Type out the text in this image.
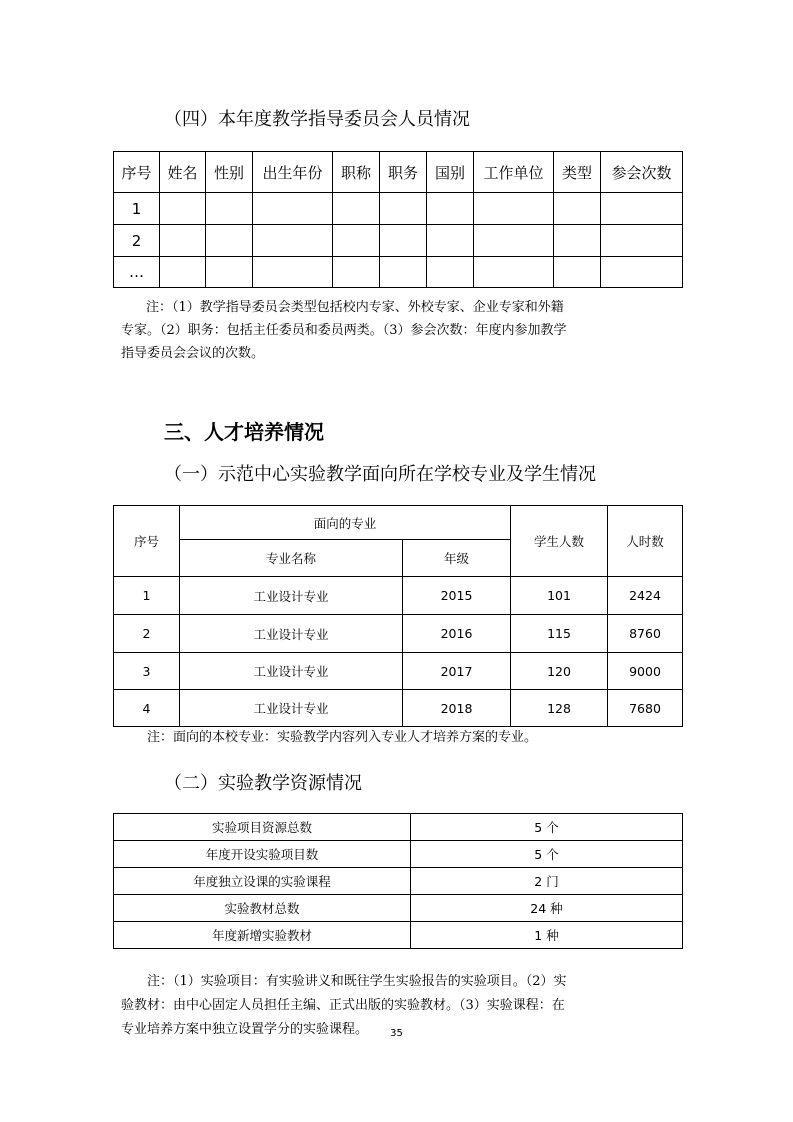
（四）本年度教学指导委员会人员情况
序号	姓名	性别	出生年份	职称	职务	国别	工作单位	类型	参会次数
1									
2									
…									
注：（1）教学指导委员会类型包括校内专家、外校专家、企业专家和外籍
专家。（2）职务：包括主任委员和委员两类。（3）参会次数：年度内参加教学
指导委员会会议的次数。
三、人才培养情况
（一）示范中心实验教学面向所在学校专业及学生情况
序号	面向的专业		学生人数	人时数
	专业名称	年级		
1	工业设计专业	2015	101	2424
2	工业设计专业	2016	115	8760
3	工业设计专业	2017	120	9000
4	工业设计专业	2018	128	7680
注：面向的本校专业：实验教学内容列入专业人才培养方案的专业。
（二）实验教学资源情况
实验项目资源总数	5 个
年度开设实验项目数	5 个
年度独立设课的实验课程	2 门
实验教材总数	24 种
年度新增实验教材	1 种
注：（1）实验项目：有实验讲义和既往学生实验报告的实验项目。（2）实
验教材：由中心固定人员担任主编、正式出版的实验教材。（3）实验课程：在
专业培养方案中独立设置学分的实验课程。	35
